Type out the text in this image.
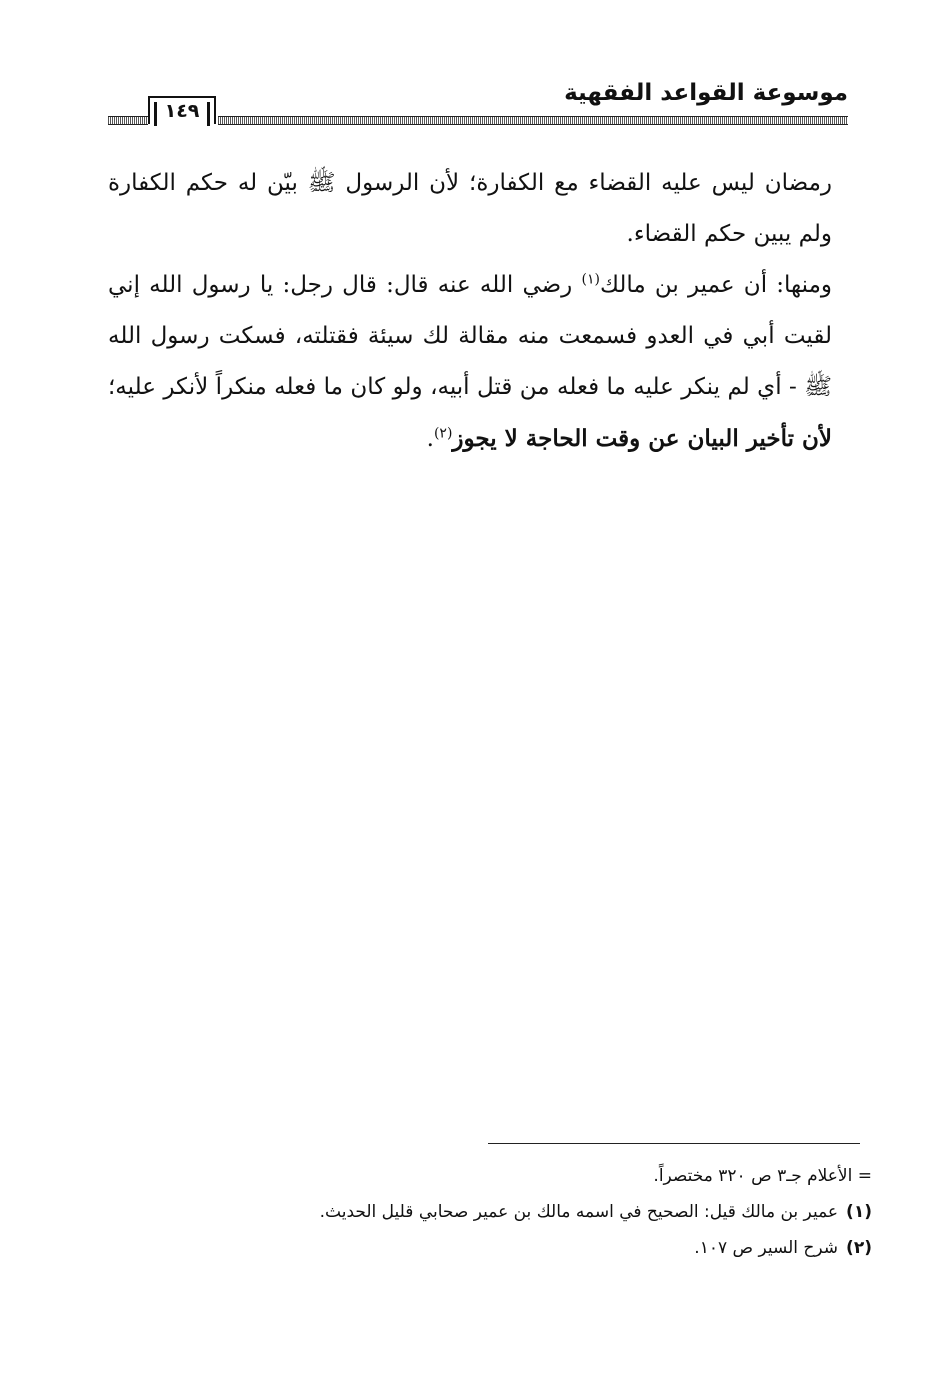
موسوعة القواعد الفقهية
١٤٩

رمضان ليس عليه القضاء مع الكفارة؛ لأن الرسول ﷺ بيّن له حكم الكفارة ولم يبين حكم القضاء.

ومنها: أن عمير بن مالك$^{(١)}$ رضي الله عنه قال: قال رجل: يا رسول الله إني لقيت أبي في العدو فسمعت منه مقالة لك سيئة فقتلته، فسكت رسول الله ﷺ - أي لم ينكر عليه ما فعله من قتل أبيه، ولو كان ما فعله منكراً لأنكر عليه؛ لأن تأخير البيان عن وقت الحاجة لا يجوز$^{(٢)}$.

= الأعلام جـ٣ ص ٣٢٠ مختصراً.

(١)عمير بن مالك قيل: الصحيح في اسمه مالك بن عمير صحابي قليل الحديث.

(٢)شرح السير ص ١٠٧.
